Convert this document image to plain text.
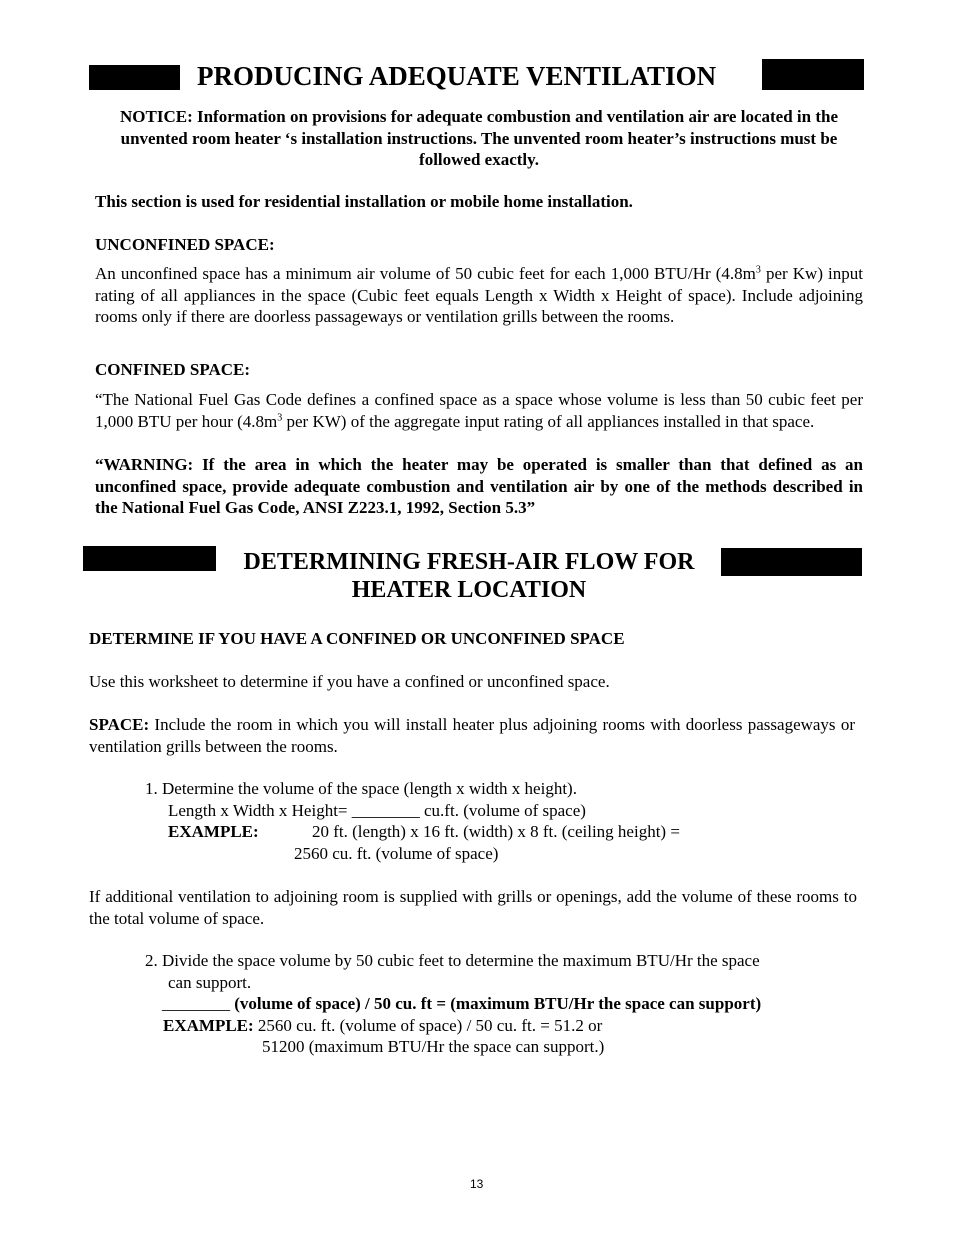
PRODUCING ADEQUATE VENTILATION
NOTICE: Information on provisions for adequate combustion and ventilation air are located in the unvented room heater ‘s installation instructions. The unvented room heater’s instructions must be followed exactly.
This section is used for residential installation or mobile home installation.
UNCONFINED SPACE:
An unconfined space has a minimum air volume of 50 cubic feet for each 1,000 BTU/Hr ($4.8m^3$ per Kw) input rating of all appliances in the space (Cubic feet equals Length x Width x Height of space). Include adjoining rooms only if there are doorless passageways or ventilation grills between the rooms.
CONFINED SPACE:
“The National Fuel Gas Code defines a confined space as a space whose volume is less than 50 cubic feet per 1,000 BTU per hour ($4.8m^3$ per KW) of the aggregate input rating of all appliances installed in that space.
“WARNING: If the area in which the heater may be operated is smaller than that defined as an unconfined space, provide adequate combustion and ventilation air by one of the methods described in the National Fuel Gas Code, ANSI Z223.1, 1992, Section 5.3”
DETERMINING FRESH-AIR FLOW FOR
HEATER LOCATION
DETERMINE IF YOU HAVE A CONFINED OR UNCONFINED SPACE
Use this worksheet to determine if you have a confined or unconfined space.
SPACE: Include the room in which you will install heater plus adjoining rooms with doorless passageways or ventilation grills between the rooms.
1. Determine the volume of the space (length x width x height).
Length x Width x Height= ________ cu.ft. (volume of space)
EXAMPLE:	20 ft. (length) x 16 ft. (width) x 8 ft. (ceiling height) =
2560 cu. ft. (volume of space)
If additional ventilation to adjoining room is supplied with grills or openings, add the volume of these rooms to the total volume of space.
2. Divide the space volume by 50 cubic feet to determine the maximum BTU/Hr the space
can support.
________ (volume of space) / 50 cu. ft = (maximum BTU/Hr the space can support)
EXAMPLE: 2560 cu. ft. (volume of space) / 50 cu. ft. = 51.2 or
51200 (maximum BTU/Hr the space can support.)
13
